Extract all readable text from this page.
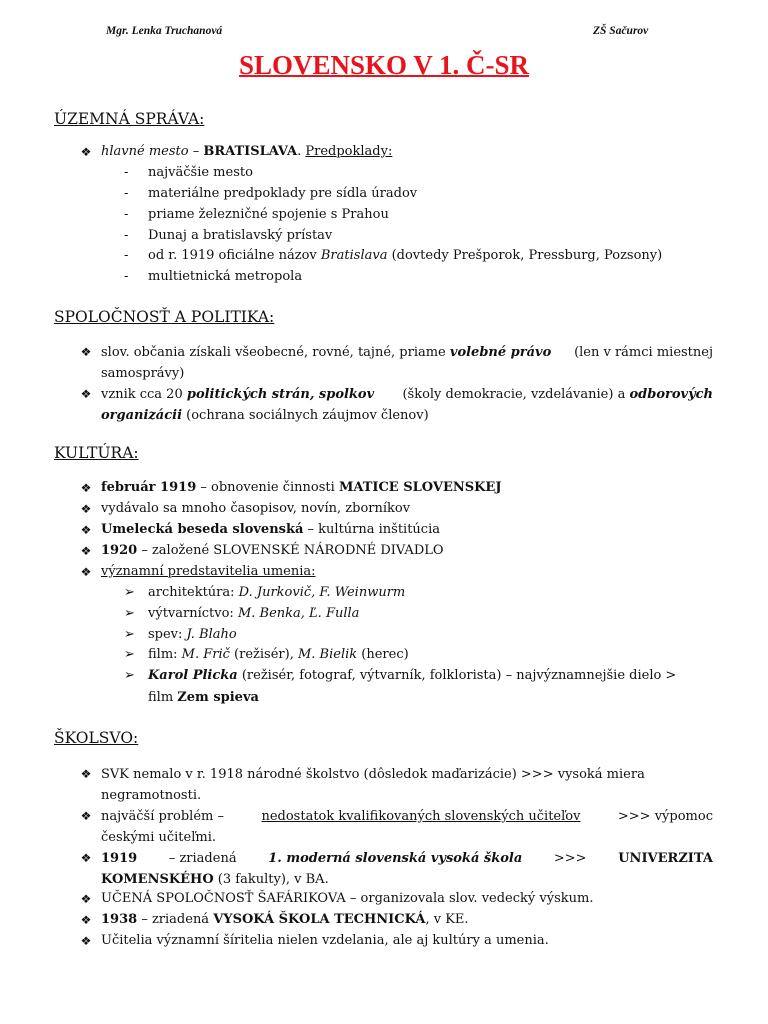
Mgr. Lenka Truchanová	ZŠ Sačurov
SLOVENSKO V 1. Č-SR
ÚZEMNÁ SPRÁVA:
❖ hlavné mesto – BRATISLAVA. Predpoklady:
- najväčšie mesto
- materiálne predpoklady pre sídla úradov
- priame železničné spojenie s Prahou
- Dunaj a bratislavský prístav
- od r. 1919 oficiálne názov Bratislava (dovtedy Prešporok, Pressburg, Pozsony)
- multietnická metropola
SPOLOČNOSŤ A POLITIKA:
❖ slov. občania získali všeobecné, rovné, tajné, priame volebné právo (len v rámci miestnej
samosprávy)
❖ vznik cca 20 politických strán, spolkov (školy demokracie, vzdelávanie) a odborových
organizácii (ochrana sociálnych záujmov členov)
KULTÚRA:
❖ február 1919 – obnovenie činnosti MATICE SLOVENSKEJ
❖ vydávalo sa mnoho časopisov, novín, zborníkov
❖ Umelecká beseda slovenská – kultúrna inštitúcia
❖ 1920 – založené SLOVENSKÉ NÁRODNÉ DIVADLO
❖ významní predstavitelia umenia:
➢ architektúra: D. Jurkovič, F. Weinwurm
➢ výtvarníctvo: M. Benka, Ľ. Fulla
➢ spev: J. Blaho
➢ film: M. Frič (režisér), M. Bielik (herec)
➢ Karol Plicka (režisér, fotograf, výtvarník, folklorista) – najvýznamnejšie dielo >
film Zem spieva
ŠKOLSVO:
❖ SVK nemalo v r. 1918 národné školstvo (dôsledok maďarizácie) >>> vysoká miera
negramotnosti.
❖ najväčší problém –	nedostatok kvalifikovaných slovenských učiteľov	>>> výpomoc
českými učiteľmi.
❖ 1919 – zriadená 1. moderná slovenská vysoká škola >>> UNIVERZITA
KOMENSKÉHO (3 fakulty), v BA.
❖ UČENÁ SPOLOČNOSŤ ŠAFÁRIKOVA – organizovala slov. vedecký výskum.
❖ 1938 – zriadená VYSOKÁ ŠKOLA TECHNICKÁ, v KE.
❖ Učitelia významní šíritelia nielen vzdelania, ale aj kultúry a umenia.
